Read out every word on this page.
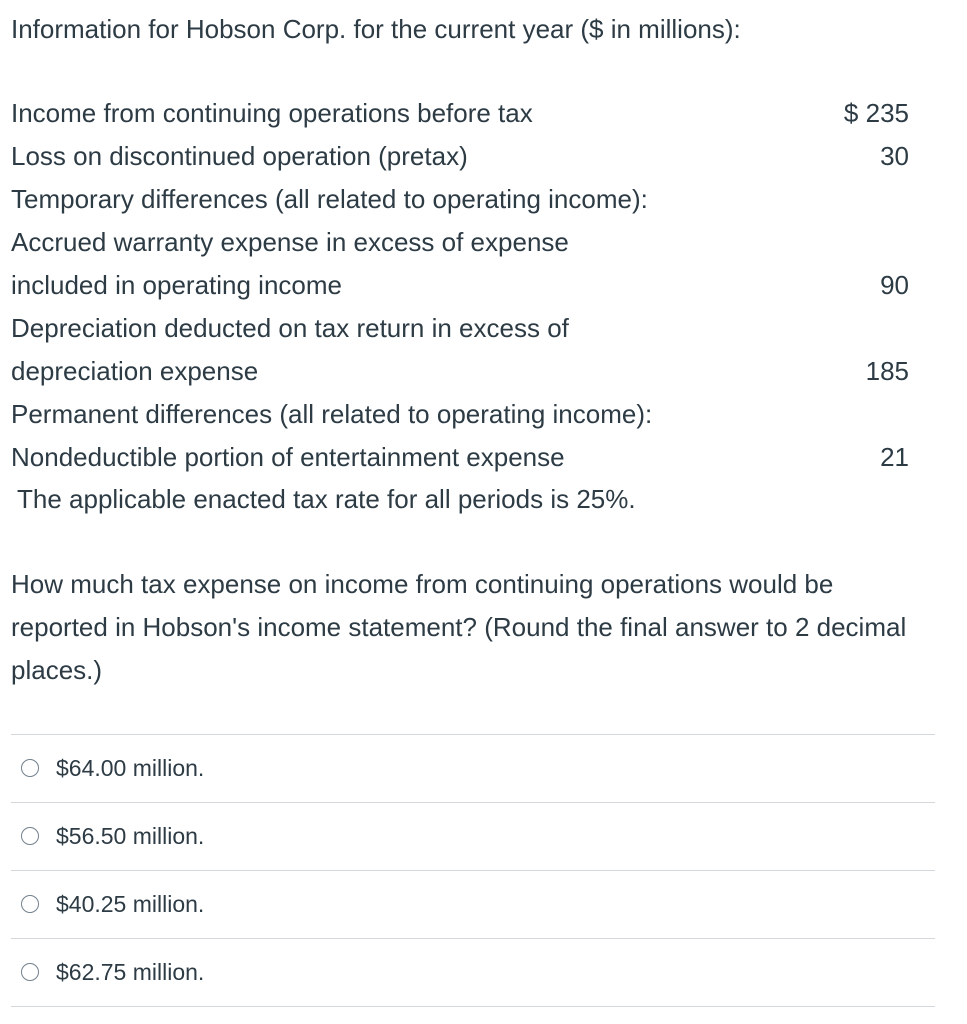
Information for Hobson Corp. for the current year ($ in millions):

Income from continuing operations before tax	$ 235
Loss on discontinued operation (pretax)	30
Temporary differences (all related to operating income):
Accrued warranty expense in excess of expense
included in operating income	90
Depreciation deducted on tax return in excess of
depreciation expense	185
Permanent differences (all related to operating income):
Nondeductible portion of entertainment expense	21
The applicable enacted tax rate for all periods is 25%.
How much tax expense on income from continuing operations would be reported in Hobson's income statement? (Round the final answer to 2 decimal places.)
$64.00 million.
$56.50 million.
$40.25 million.
$62.75 million.
